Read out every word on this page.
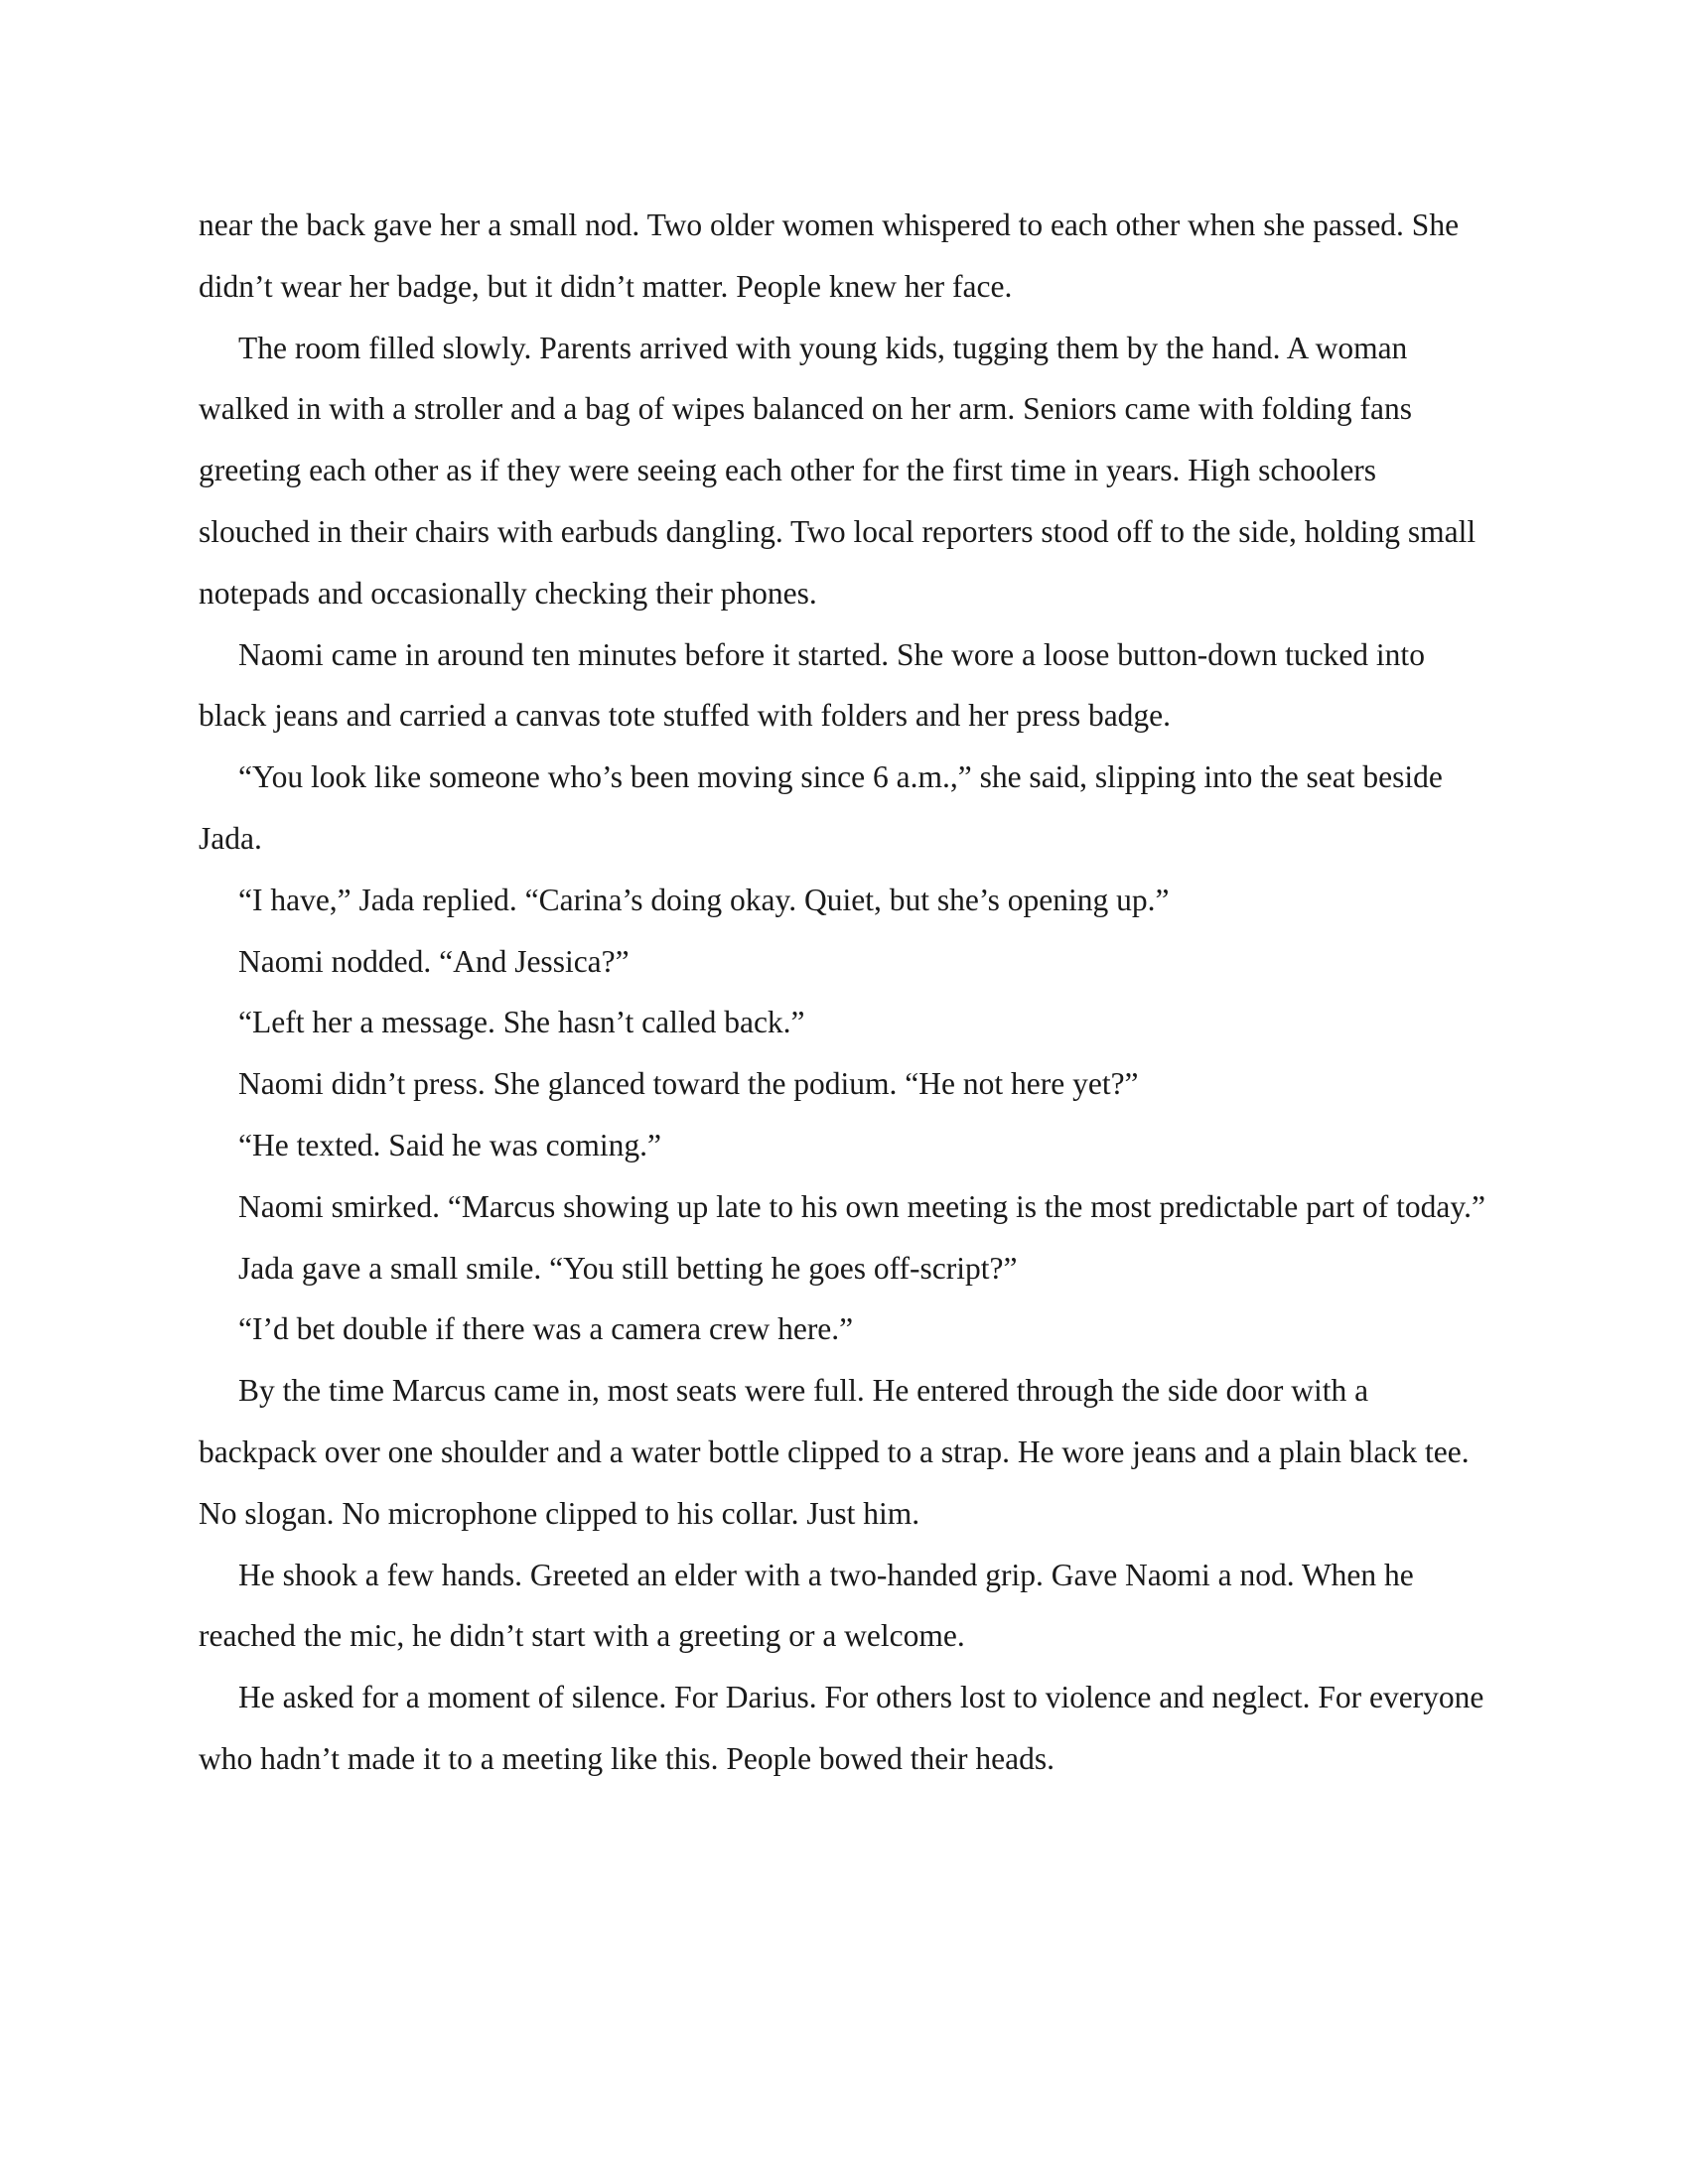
near the back gave her a small nod. Two older women whispered to each other when she passed. She didn’t wear her badge, but it didn’t matter. People knew her face.

The room filled slowly. Parents arrived with young kids, tugging them by the hand. A woman walked in with a stroller and a bag of wipes balanced on her arm. Seniors came with folding fans greeting each other as if they were seeing each other for the first time in years. High schoolers slouched in their chairs with earbuds dangling. Two local reporters stood off to the side, holding small notepads and occasionally checking their phones.

Naomi came in around ten minutes before it started. She wore a loose button-down tucked into black jeans and carried a canvas tote stuffed with folders and her press badge.

“You look like someone who’s been moving since 6 a.m.,” she said, slipping into the seat beside Jada.

“I have,” Jada replied. “Carina’s doing okay. Quiet, but she’s opening up.”

Naomi nodded. “And Jessica?”

“Left her a message. She hasn’t called back.”

Naomi didn’t press. She glanced toward the podium. “He not here yet?”

“He texted. Said he was coming.”

Naomi smirked. “Marcus showing up late to his own meeting is the most predictable part of today.”

Jada gave a small smile. “You still betting he goes off-script?”

“I’d bet double if there was a camera crew here.”

By the time Marcus came in, most seats were full. He entered through the side door with a backpack over one shoulder and a water bottle clipped to a strap. He wore jeans and a plain black tee. No slogan. No microphone clipped to his collar. Just him.

He shook a few hands. Greeted an elder with a two-handed grip. Gave Naomi a nod. When he reached the mic, he didn’t start with a greeting or a welcome.

He asked for a moment of silence. For Darius. For others lost to violence and neglect. For everyone who hadn’t made it to a meeting like this. People bowed their heads.
